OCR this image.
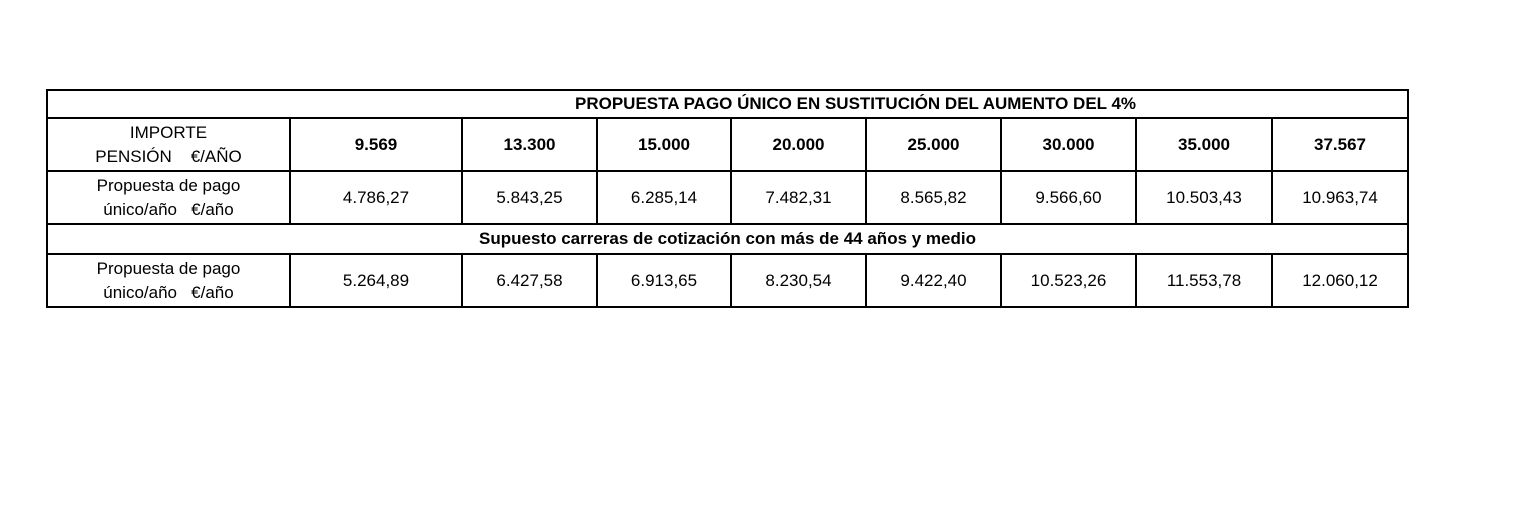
PROPUESTA PAGO ÚNICO EN SUSTITUCIÓN DEL AUMENTO DEL 4%								

IMPORTE
PENSIÓN    €/AÑO	9.569	13.300	15.000	20.000	25.000	30.000	35.000	37.567

Propuesta de pago
único/año   €/año	4.786,27	5.843,25	6.285,14	7.482,31	8.565,82	9.566,60	10.503,43	10.963,74
Supuesto carreras de cotización con más de 44 años y medio								

Propuesta de pago
único/año   €/año	5.264,89	6.427,58	6.913,65	8.230,54	9.422,40	10.523,26	11.553,78	12.060,12
